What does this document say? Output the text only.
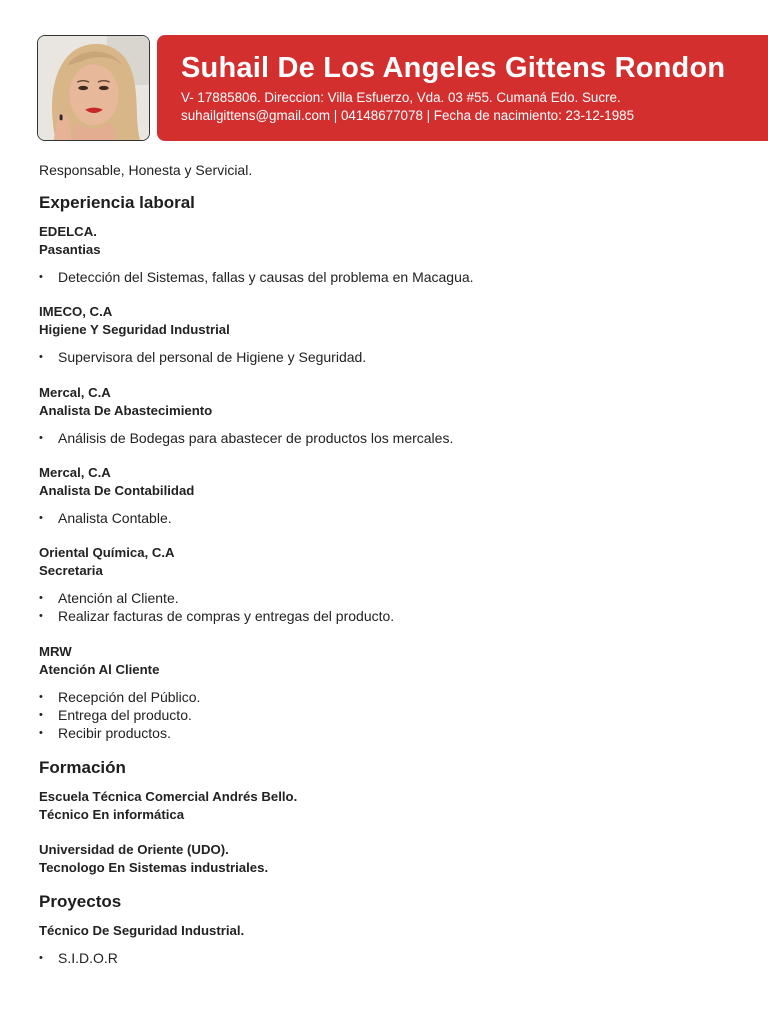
Suhail De Los Angeles Gittens Rondon
V- 17885806. Direccion: Villa Esfuerzo, Vda. 03 #55. Cumaná Edo. Sucre.
suhailgittens@gmail.com | 04148677078 | Fecha de nacimiento: 23-12-1985

Responsable, Honesta y Servicial.

Experiencia laboral

EDELCA.

Pasantias

• Detección del Sistemas, fallas y causas del problema en Macagua.

IMECO, C.A

Higiene Y Seguridad Industrial

• Supervisora del personal de Higiene y Seguridad.

Mercal, C.A

Analista De Abastecimiento

• Análisis de Bodegas para abastecer de productos los mercales.

Mercal, C.A

Analista De Contabilidad

• Analista Contable.

Oriental Química, C.A

Secretaria

• Atención al Cliente.
• Realizar facturas de compras y entregas del producto.

MRW

Atención Al Cliente

• Recepción del Público.
• Entrega del producto.
• Recibir productos.
Formación

Escuela Técnica Comercial Andrés Bello.

Técnico En informática

Universidad de Oriente (UDO).

Tecnologo En Sistemas industriales.

Proyectos

Técnico De Seguridad Industrial.

• S.I.D.O.R
